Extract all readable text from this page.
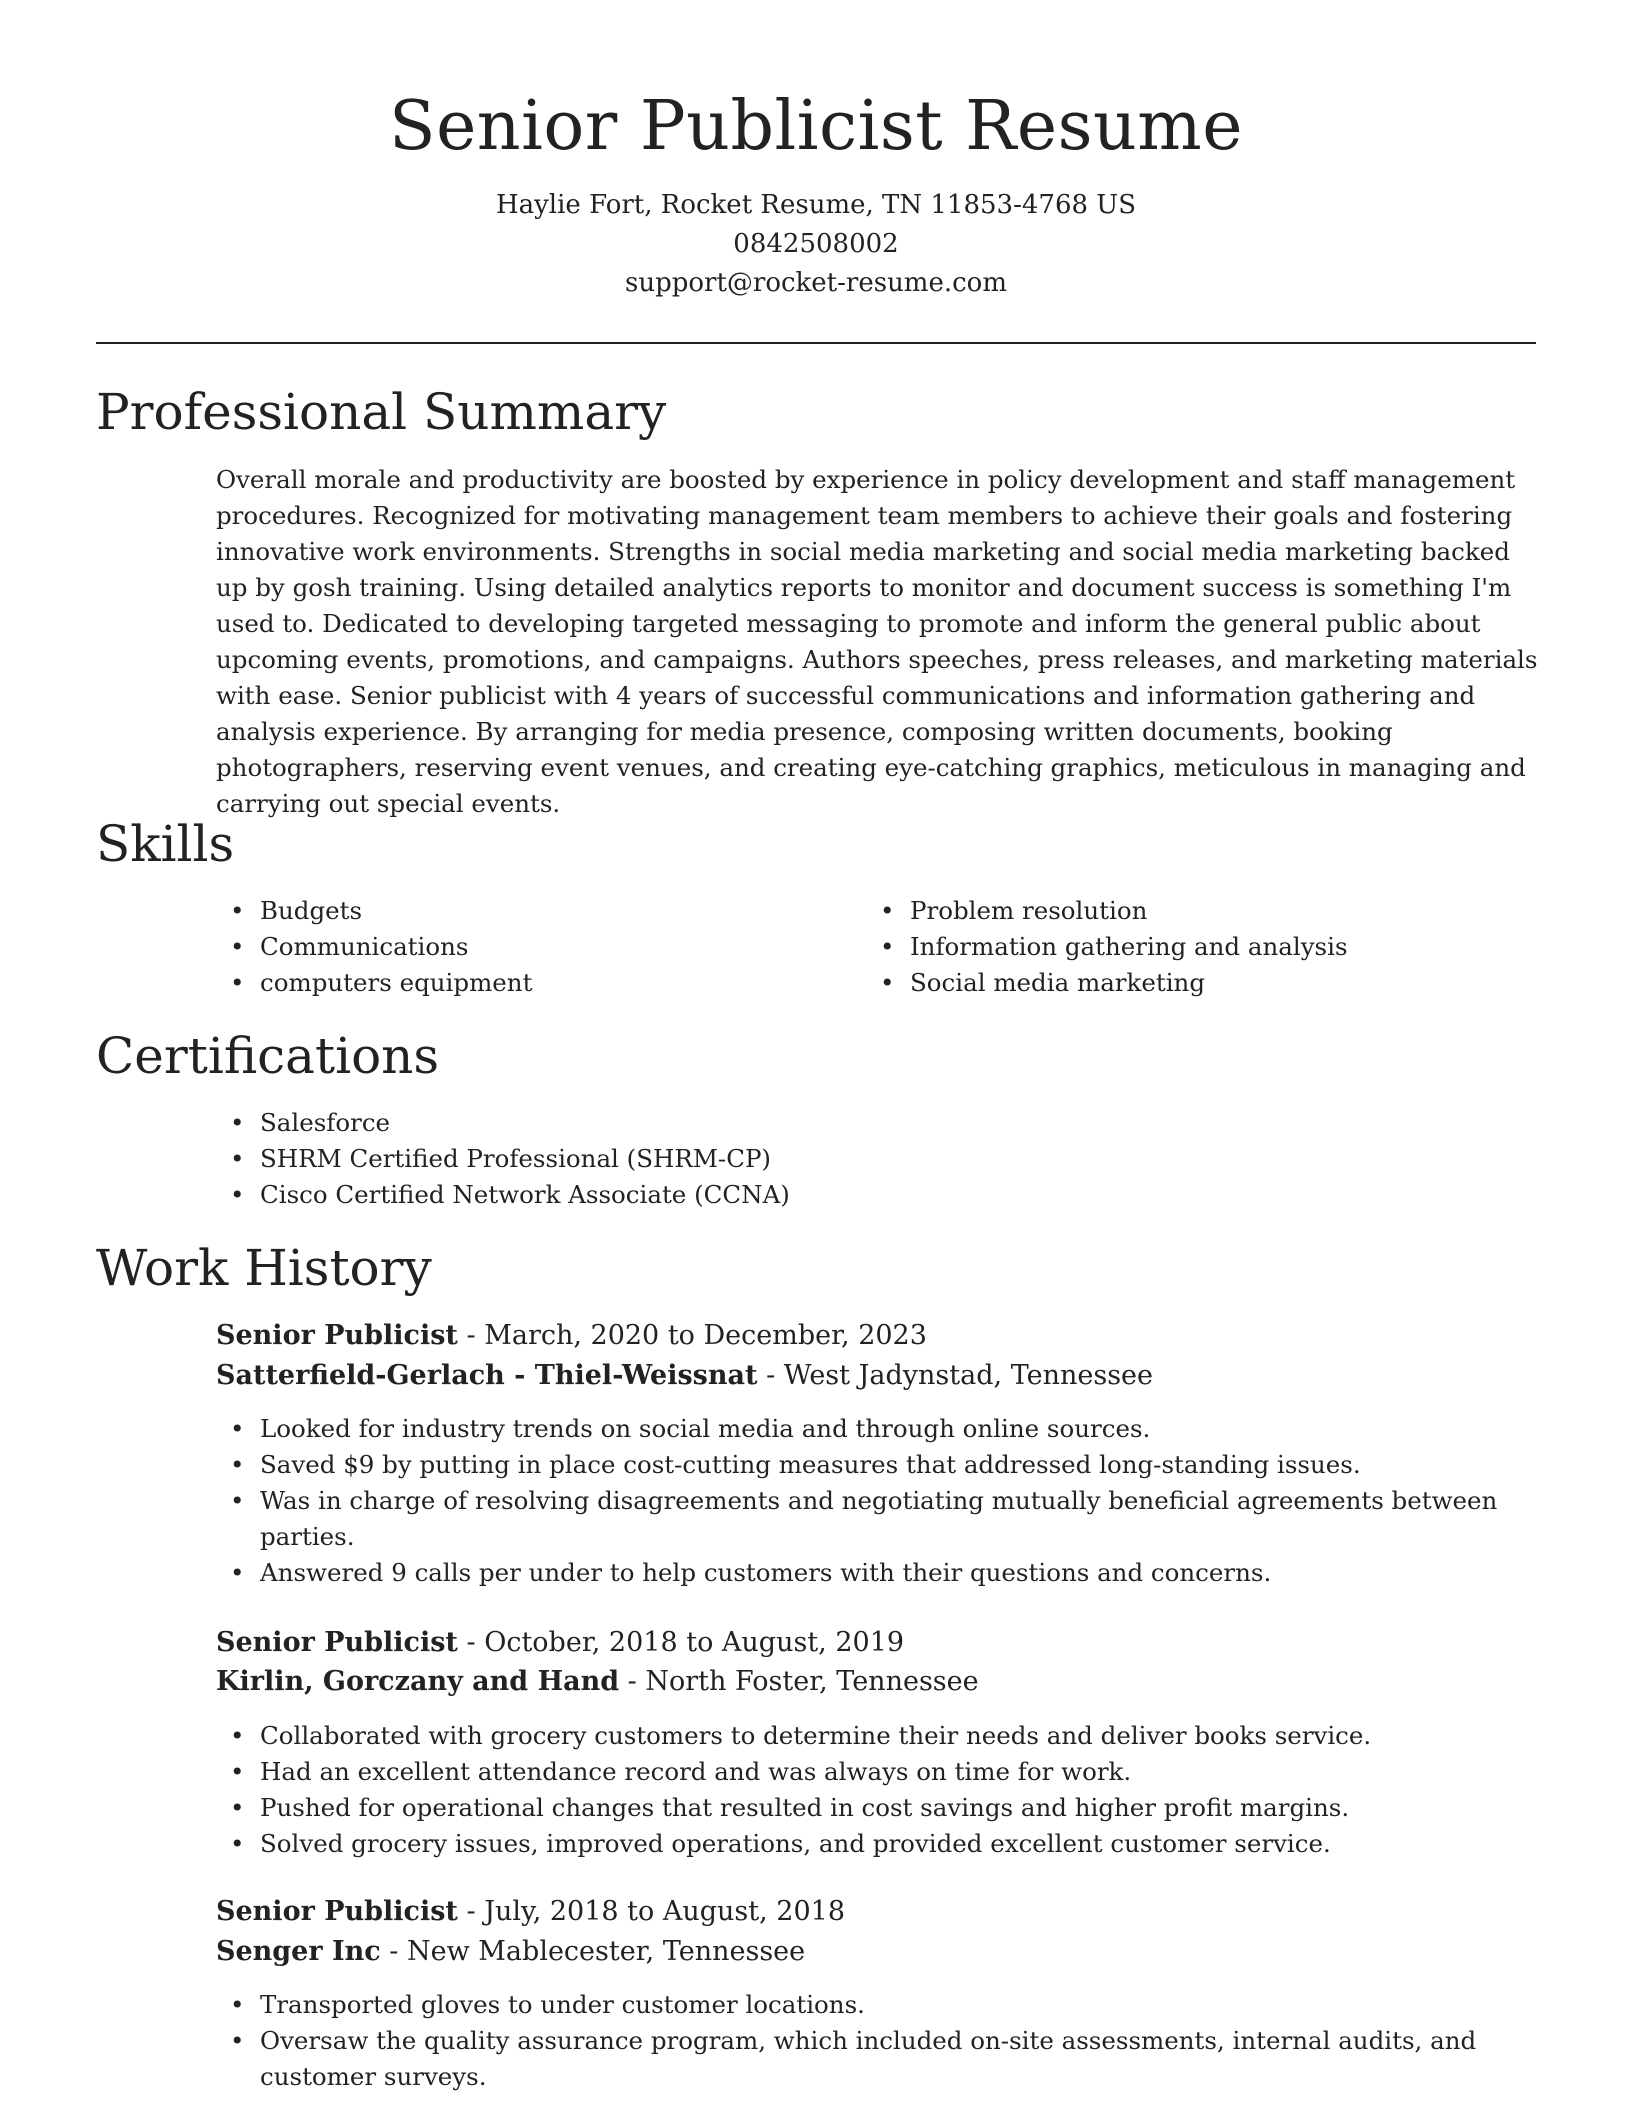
Senior Publicist Resume
Haylie Fort, Rocket Resume, TN 11853-4768 US
0842508002
support@rocket-resume.com
Professional Summary

Overall morale and productivity are boosted by experience in policy development and staff management procedures. Recognized for motivating management team members to achieve their goals and fostering innovative work environments. Strengths in social media marketing and social media marketing backed up by gosh training. Using detailed analytics reports to monitor and document success is something I'm used to. Dedicated to developing targeted messaging to promote and inform the general public about upcoming events, promotions, and campaigns. Authors speeches, press releases, and marketing materials with ease. Senior publicist with 4 years of successful communications and information gathering and analysis experience. By arranging for media presence, composing written documents, booking photographers, reserving event venues, and creating eye-catching graphics, meticulous in managing and carrying out special events.

Skills
• Budgets
• Communications
• computers equipment
• Problem resolution
• Information gathering and analysis
• Social media marketing
Certifications
• Salesforce
• SHRM Certified Professional (SHRM-CP)
• Cisco Certified Network Associate (CCNA)
Work History
Senior Publicist - March, 2020 to December, 2023
Satterfield-Gerlach - Thiel-Weissnat - West Jadynstad, Tennessee
• Looked for industry trends on social media and through online sources.
• Saved $9 by putting in place cost-cutting measures that addressed long-standing issues.
• Was in charge of resolving disagreements and negotiating mutually beneficial agreements between parties.
• Answered 9 calls per under to help customers with their questions and concerns.
Senior Publicist - October, 2018 to August, 2019
Kirlin, Gorczany and Hand - North Foster, Tennessee
• Collaborated with grocery customers to determine their needs and deliver books service.
• Had an excellent attendance record and was always on time for work.
• Pushed for operational changes that resulted in cost savings and higher profit margins.
• Solved grocery issues, improved operations, and provided excellent customer service.
Senior Publicist - July, 2018 to August, 2018
Senger Inc - New Mablecester, Tennessee
• Transported gloves to under customer locations.
• Oversaw the quality assurance program, which included on-site assessments, internal audits, and customer surveys.
